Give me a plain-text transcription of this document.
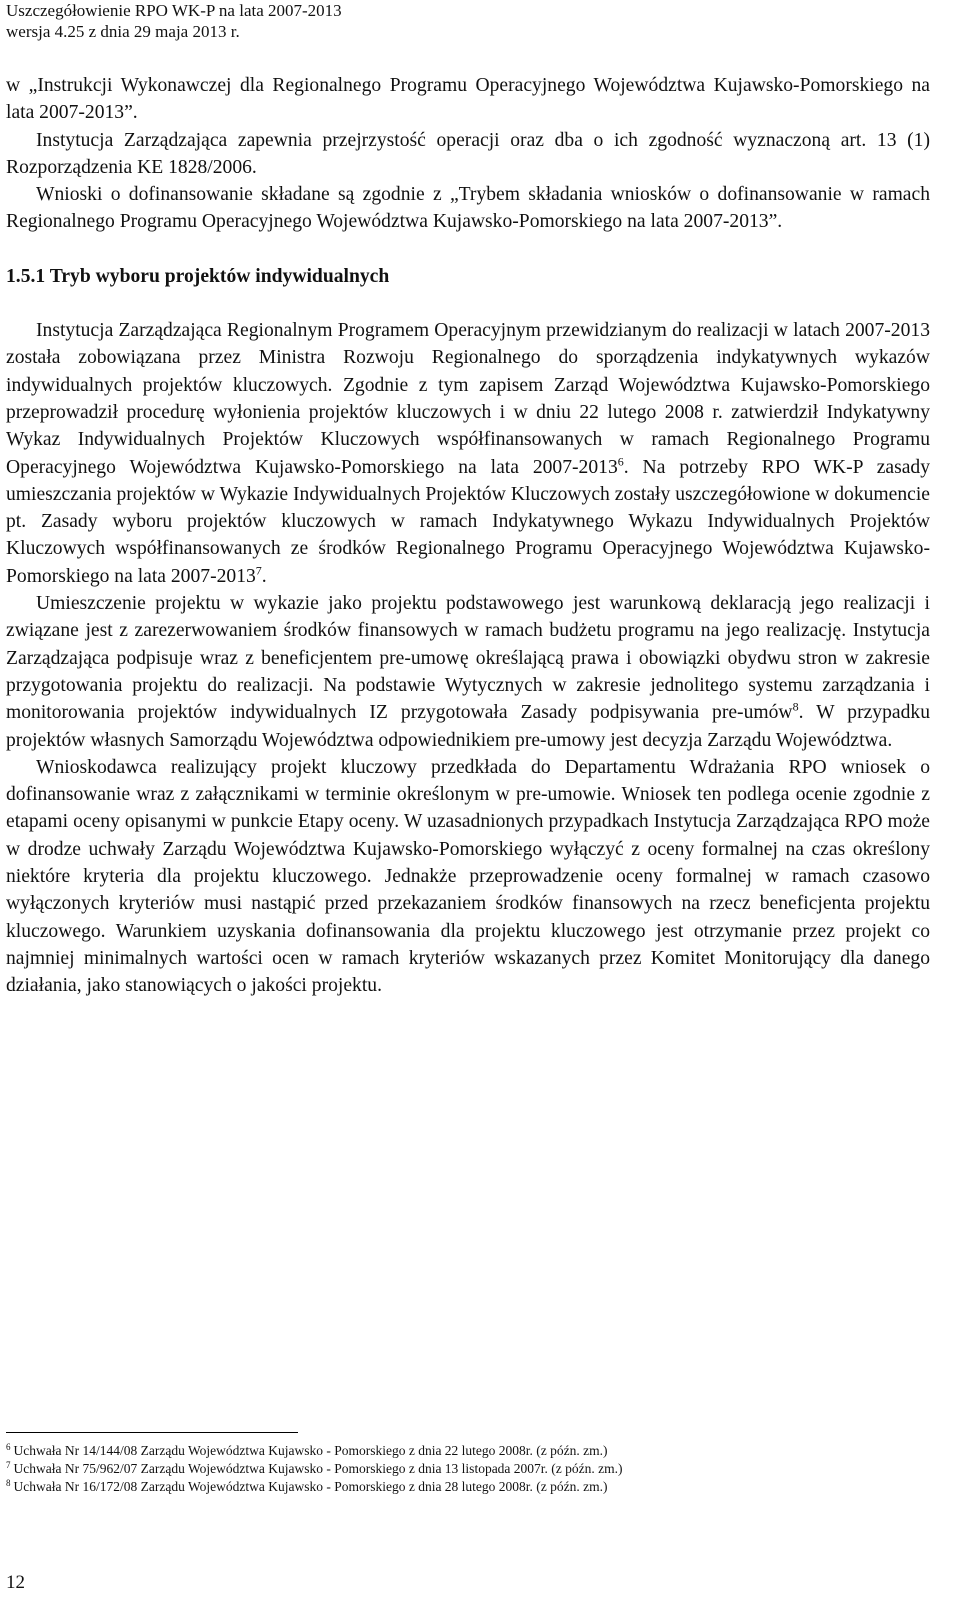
Uszczegółowienie RPO WK-P na lata 2007-2013
wersja 4.25 z dnia 29 maja 2013 r.

w „Instrukcji Wykonawczej dla Regionalnego Programu Operacyjnego Województwa Kujawsko-Pomorskiego na lata 2007-2013”.

Instytucja Zarządzająca zapewnia przejrzystość operacji oraz dba o ich zgodność wyznaczoną art. 13 (1) Rozporządzenia KE 1828/2006.

Wnioski o dofinansowanie składane są zgodnie z „Trybem składania wniosków o dofinansowanie w ramach Regionalnego Programu Operacyjnego Województwa Kujawsko-Pomorskiego na lata 2007-2013”.

1.5.1 Tryb wyboru projektów indywidualnych

Instytucja Zarządzająca Regionalnym Programem Operacyjnym przewidzianym do realizacji w latach 2007-2013 została zobowiązana przez Ministra Rozwoju Regionalnego do sporządzenia indykatywnych wykazów indywidualnych projektów kluczowych. Zgodnie z tym zapisem Zarząd Województwa Kujawsko-Pomorskiego przeprowadził procedurę wyłonienia projektów kluczowych i w dniu 22 lutego 2008 r. zatwierdził Indykatywny Wykaz Indywidualnych Projektów Kluczowych współfinansowanych w ramach Regionalnego Programu Operacyjnego Województwa Kujawsko-Pomorskiego na lata 2007-2013$^6$. Na potrzeby RPO WK-P zasady umieszczania projektów w Wykazie Indywidualnych Projektów Kluczowych zostały uszczegółowione w dokumencie pt. Zasady wyboru projektów kluczowych w ramach Indykatywnego Wykazu Indywidualnych Projektów Kluczowych współfinansowanych ze środków Regionalnego Programu Operacyjnego Województwa Kujawsko-Pomorskiego na lata 2007-2013$^7$.

Umieszczenie projektu w wykazie jako projektu podstawowego jest warunkową deklaracją jego realizacji i związane jest z zarezerwowaniem środków finansowych w ramach budżetu programu na jego realizację. Instytucja Zarządzająca podpisuje wraz z beneficjentem pre-umowę określającą prawa i obowiązki obydwu stron w zakresie przygotowania projektu do realizacji. Na podstawie Wytycznych w zakresie jednolitego systemu zarządzania i monitorowania projektów indywidualnych IZ przygotowała Zasady podpisywania pre-umów$^8$. W przypadku projektów własnych Samorządu Województwa odpowiednikiem pre-umowy jest decyzja Zarządu Województwa.

Wnioskodawca realizujący projekt kluczowy przedkłada do Departamentu Wdrażania RPO wniosek o dofinansowanie wraz z załącznikami w terminie określonym w pre-umowie. Wniosek ten podlega ocenie zgodnie z etapami oceny opisanymi w punkcie Etapy oceny. W uzasadnionych przypadkach Instytucja Zarządzająca RPO może w drodze uchwały Zarządu Województwa Kujawsko-Pomorskiego wyłączyć z oceny formalnej na czas określony niektóre kryteria dla projektu kluczowego. Jednakże przeprowadzenie oceny formalnej w ramach czasowo wyłączonych kryteriów musi nastąpić przed przekazaniem środków finansowych na rzecz beneficjenta projektu kluczowego. Warunkiem uzyskania dofinansowania dla projektu kluczowego jest otrzymanie przez projekt co najmniej minimalnych wartości ocen w ramach kryteriów wskazanych przez Komitet Monitorujący dla danego działania, jako stanowiących o jakości projektu.

$^6$ Uchwała Nr 14/144/08 Zarządu Województwa Kujawsko - Pomorskiego z dnia 22 lutego 2008r. (z późn. zm.)
$^7$ Uchwała Nr 75/962/07 Zarządu Województwa Kujawsko - Pomorskiego z dnia 13 listopada 2007r. (z późn. zm.)
$^8$ Uchwała Nr 16/172/08 Zarządu Województwa Kujawsko - Pomorskiego z dnia 28 lutego 2008r. (z późn. zm.)
12
